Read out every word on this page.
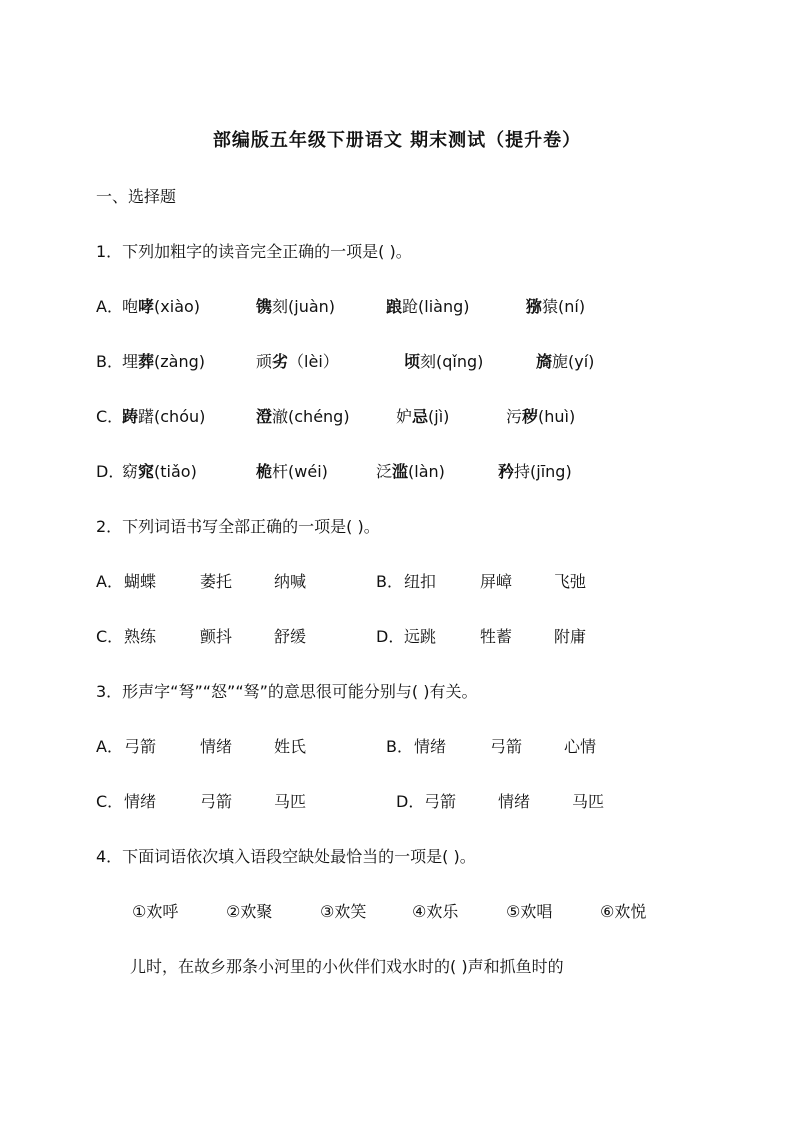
部编版五年级下册语文 期末测试（提升卷）
一、选择题
1．下列加粗字的读音完全正确的一项是( )。
A． 咆哮(xiào)	镌刻(juàn)	踉跄(liàng)	猕猿(ní)
B． 埋葬(zàng)	顽劣（lèi）	顷刻(qǐng)	旖旎(yí)
C．
踌躇(chóu)	澄澈(chéng)	妒忌(jì)	污秽(huì)
D．
窈窕(tiǎo)	桅杆(wéi)	泛滥(làn)	矜持(jīng)
2．下列词语书写全部正确的一项是( )。
A． 蝴蝶	萎托	纳喊	B． 纽扣	屏嶂	飞弛
C． 熟练	颤抖	舒缓	D． 远跳	牲蓄	附庸
3．形声字“弩”“怒”“驽”的意思很可能分别与( )有关。
A． 弓箭	情绪	姓氏	B． 情绪	弓箭	心情
C． 情绪	弓箭	马匹	D． 弓箭	情绪	马匹
4．下面词语依次填入语段空缺处最恰当的一项是( )。
①欢呼	②欢聚	③欢笑	④欢乐	⑤欢唱	⑥欢悦
儿时，在故乡那条小河里的小伙伴们戏水时的( )声和抓鱼时的
